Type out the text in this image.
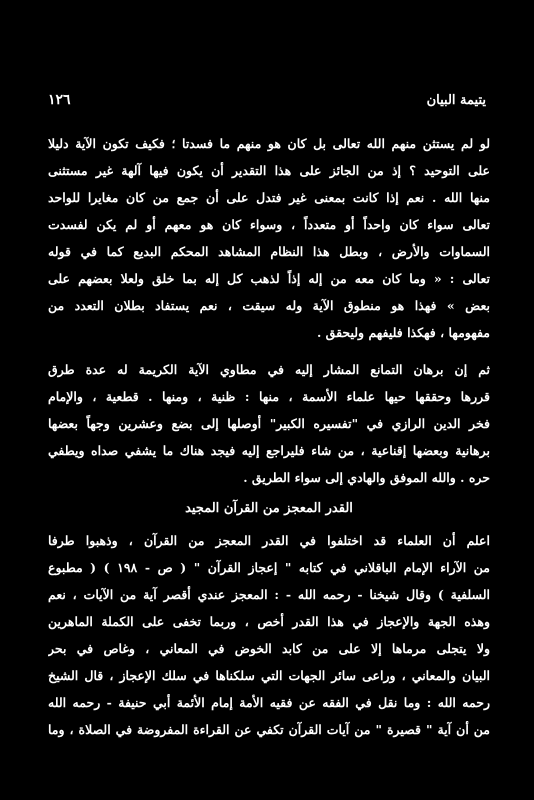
يتيمة البيان
١٢٦
لو لم يستثن منهم الله تعالى بل كان هو منهم ما فسدتا ؛ فكيف تكون الآية دليلا
على التوحيد ؟ إذ من الجائز على هذا التقدير أن يكون فيها آلهة غير مستثنى
منها الله . نعم إذا كانت بمعنى غير فتدل على أن جمع من كان مغايرا للواحد
تعالى سواء كان واحداً أو متعدداً ، وسواء كان هو معهم أو لم يكن لفسدت
السماوات والأرض ، وبطل هذا النظام المشاهد المحكم البديع كما في قوله
تعالى : « وما كان معه من إله إذاً لذهب كل إله بما خلق ولعلا بعضهم على
بعض » فهذا هو منطوق الآية وله سيقت ، نعم يستفاد بطلان التعدد من
مفهومها ، فهكذا فليفهم وليحقق .
ثم إن برهان التمانع المشار إليه في مطاوي الآية الكريمة له عدة طرق
قررها وحققها حيها علماء الأسمة ، منها : ظنية ، ومنها . قطعية ، والإمام
فخر الدين الرازي في "تفسيره الكبير" أوصلها إلى بضع وعشرين وجهاً بعضها
برهانية وبعضها إقناعية ، من شاء فليراجع إليه فيجد هناك ما يشفي صداه ويطفي
حره . والله الموفق والهادي إلى سواء الطريق .
القدر المعجز من القرآن المجيد
اعلم أن العلماء قد اختلفوا في القدر المعجز من القرآن ، وذهبوا طرفا
من الآراء الإمام الباقلاني في كتابه " إعجاز القرآن " ( ص - ١٩٨ ) ( مطبوع
السلفية ) وقال شيخنا - رحمه الله - : المعجز عندي أقصر آية من الآيات ، نعم
وهذه الجهة والإعجاز في هذا القدر أخص ، وربما تخفى على الكملة الماهرين
ولا يتجلى مرماها إلا على من كابد الخوض في المعاني ، وغاص في بحر
البيان والمعاني ، وراعى سائر الجهات التي سلكناها في سلك الإعجاز ، قال الشيخ
رحمه الله : وما نقل في الفقه عن فقيه الأمة إمام الأئمة أبي حنيفة - رحمه الله
من أن آية " قصيرة " من آيات القرآن تكفي عن القراءة المفروضة في الصلاة ، وما
